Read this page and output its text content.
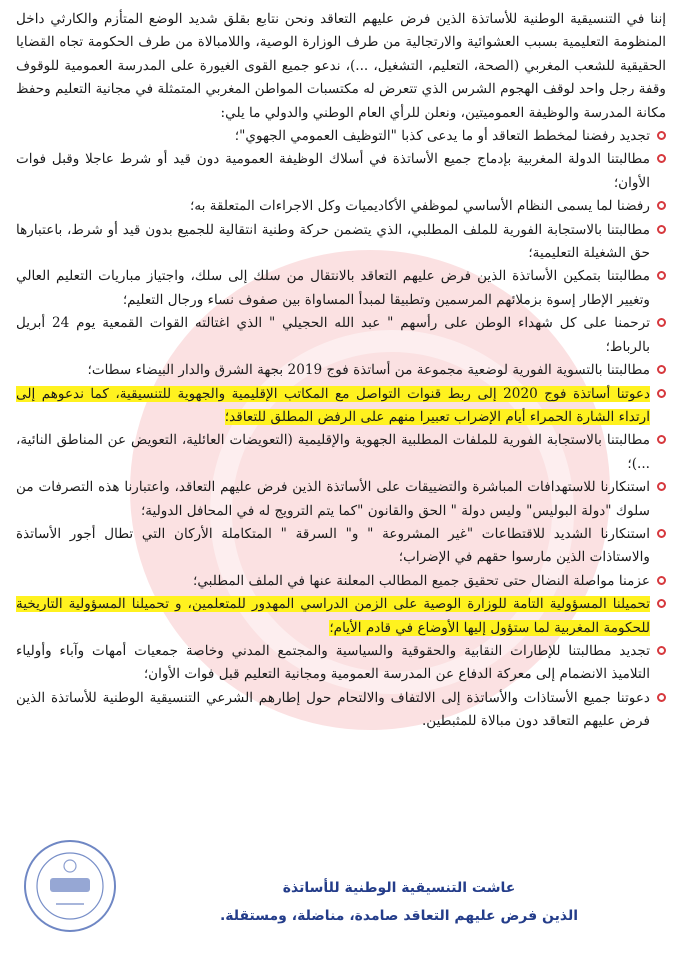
إننا في التنسيقية الوطنية للأساتذة الذين فرض عليهم التعاقد ونحن نتابع بقلق شديد الوضع المتأزم والكارثي داخل المنظومة التعليمية بسبب العشوائية والارتجالية من طرف الوزارة الوصية، واللامبالاة من طرف الحكومة تجاه القضايا الحقيقية للشعب المغربي (الصحة، التعليم، التشغيل، ...)، ندعو جميع القوى الغيورة على المدرسة العمومية للوقوف وقفة رجل واحد لوقف الهجوم الشرس الذي تتعرض له مكتسبات المواطن المغربي المتمثلة في مجانية التعليم وحفظ مكانة المدرسة والوظيفة العموميتين، ونعلن للرأي العام الوطني والدولي ما يلي:

تجديد رفضنا لمخطط التعاقد أو ما يدعى كذبا "التوظيف العمومي الجهوي"؛
مطالبتنا الدولة المغربية بإدماج جميع الأساتذة في أسلاك الوظيفة العمومية دون قيد أو شرط عاجلا وقبل فوات الأوان؛
رفضنا لما يسمى النظام الأساسي لموظفي الأكاديميات وكل الاجراءات المتعلقة به؛
مطالبتنا بالاستجابة الفورية للملف المطلبي، الذي يتضمن حركة وطنية انتقالية للجميع بدون قيد أو شرط، باعتبارها حق الشغيلة التعليمية؛
مطالبتنا بتمكين الأساتذة الذين فرض عليهم التعاقد بالانتقال من سلك إلى سلك، واجتياز مباريات التعليم العالي وتغيير الإطار إسوة بزملائهم المرسمين وتطبيقا لمبدأ المساواة بين صفوف نساء ورجال التعليم؛
ترحمنا على كل شهداء الوطن على رأسهم " عبد الله الحجيلي " الذي اغتالته القوات القمعية يوم 24 أبريل بالرباط؛
مطالبتنا بالتسوية الفورية لوضعية مجموعة من أساتذة فوج 2019 بجهة الشرق والدار البيضاء سطات؛
دعوتنا أساتذة فوج 2020 إلى ربط قنوات التواصل مع المكاتب الإقليمية والجهوية للتنسيقية، كما ندعوهم إلى ارتداء الشارة الحمراء أيام الإضراب تعبيرا منهم على الرفض المطلق للتعاقد؛
مطالبتنا بالاستجابة الفورية للملفات المطلبية الجهوية والإقليمية (التعويضات العائلية، التعويض عن المناطق النائية، ...)؛
استنكارنا للاستهدافات المباشرة والتضييقات على الأساتذة الذين فرض عليهم التعاقد، واعتبارنا هذه التصرفات من سلوك "دولة البوليس" وليس دولة " الحق والقانون "كما يتم الترويج له في المحافل الدولية؛
استنكارنا الشديد للاقتطاعات "غير المشروعة " و" السرقة " المتكاملة الأركان التي تطال أجور الأساتذة والاستاذات الذين مارسوا حقهم في الإضراب؛
عزمنا مواصلة النضال حتى تحقيق جميع المطالب المعلنة عنها في الملف المطلبي؛
تحميلنا المسؤولية التامة للوزارة الوصية على الزمن الدراسي المهدور للمتعلمين، و تحميلنا المسؤولية التاريخية للحكومة المغربية لما ستؤول إليها الأوضاع في قادم الأيام؛
تجديد مطالبتنا للإطارات النقابية والحقوقية والسياسية والمجتمع المدني وخاصة جمعيات أمهات وآباء وأولياء التلاميذ الانضمام إلى معركة الدفاع عن المدرسة العمومية ومجانية التعليم قبل فوات الأوان؛
دعوتنا جميع الأستاذات والأساتذة إلى الالتفاف والالتحام حول إطارهم الشرعي التنسيقية الوطنية للأساتذة الذين فرض عليهم التعاقد دون مبالاة للمثبطين.
عاشت التنسيقية الوطنية للأساتذة
الذين فرض عليهم التعاقد صامدة، مناضلة، ومستقلة.
